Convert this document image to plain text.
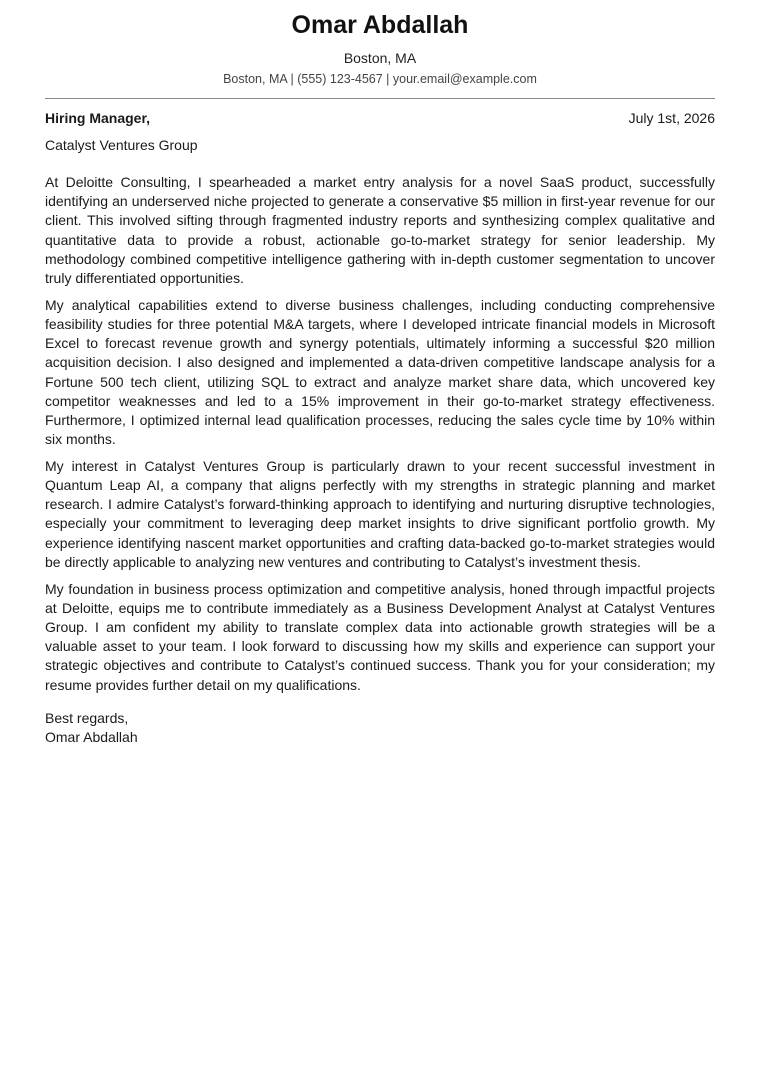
Omar Abdallah
Boston, MA
Boston, MA | (555) 123-4567 | your.email@example.com
Hiring Manager,	July 1st, 2026
Catalyst Ventures Group

At Deloitte Consulting, I spearheaded a market entry analysis for a novel SaaS product, successfully identifying an underserved niche projected to generate a conservative $5 million in first-year revenue for our client. This involved sifting through fragmented industry reports and synthesizing complex qualitative and quantitative data to provide a robust, actionable go-to-market strategy for senior leadership. My methodology combined competitive intelligence gathering with in-depth customer segmentation to uncover truly differentiated opportunities.

My analytical capabilities extend to diverse business challenges, including conducting comprehensive feasibility studies for three potential M&A targets, where I developed intricate financial models in Microsoft Excel to forecast revenue growth and synergy potentials, ultimately informing a successful $20 million acquisition decision. I also designed and implemented a data-driven competitive landscape analysis for a Fortune 500 tech client, utilizing SQL to extract and analyze market share data, which uncovered key competitor weaknesses and led to a 15% improvement in their go-to-market strategy effectiveness. Furthermore, I optimized internal lead qualification processes, reducing the sales cycle time by 10% within six months.

My interest in Catalyst Ventures Group is particularly drawn to your recent successful investment in Quantum Leap AI, a company that aligns perfectly with my strengths in strategic planning and market research. I admire Catalyst’s forward-thinking approach to identifying and nurturing disruptive technologies, especially your commitment to leveraging deep market insights to drive significant portfolio growth. My experience identifying nascent market opportunities and crafting data-backed go-to-market strategies would be directly applicable to analyzing new ventures and contributing to Catalyst’s investment thesis.

My foundation in business process optimization and competitive analysis, honed through impactful projects at Deloitte, equips me to contribute immediately as a Business Development Analyst at Catalyst Ventures Group. I am confident my ability to translate complex data into actionable growth strategies will be a valuable asset to your team. I look forward to discussing how my skills and experience can support your strategic objectives and contribute to Catalyst’s continued success. Thank you for your consideration; my resume provides further detail on my qualifications.

Best regards,
Omar Abdallah
